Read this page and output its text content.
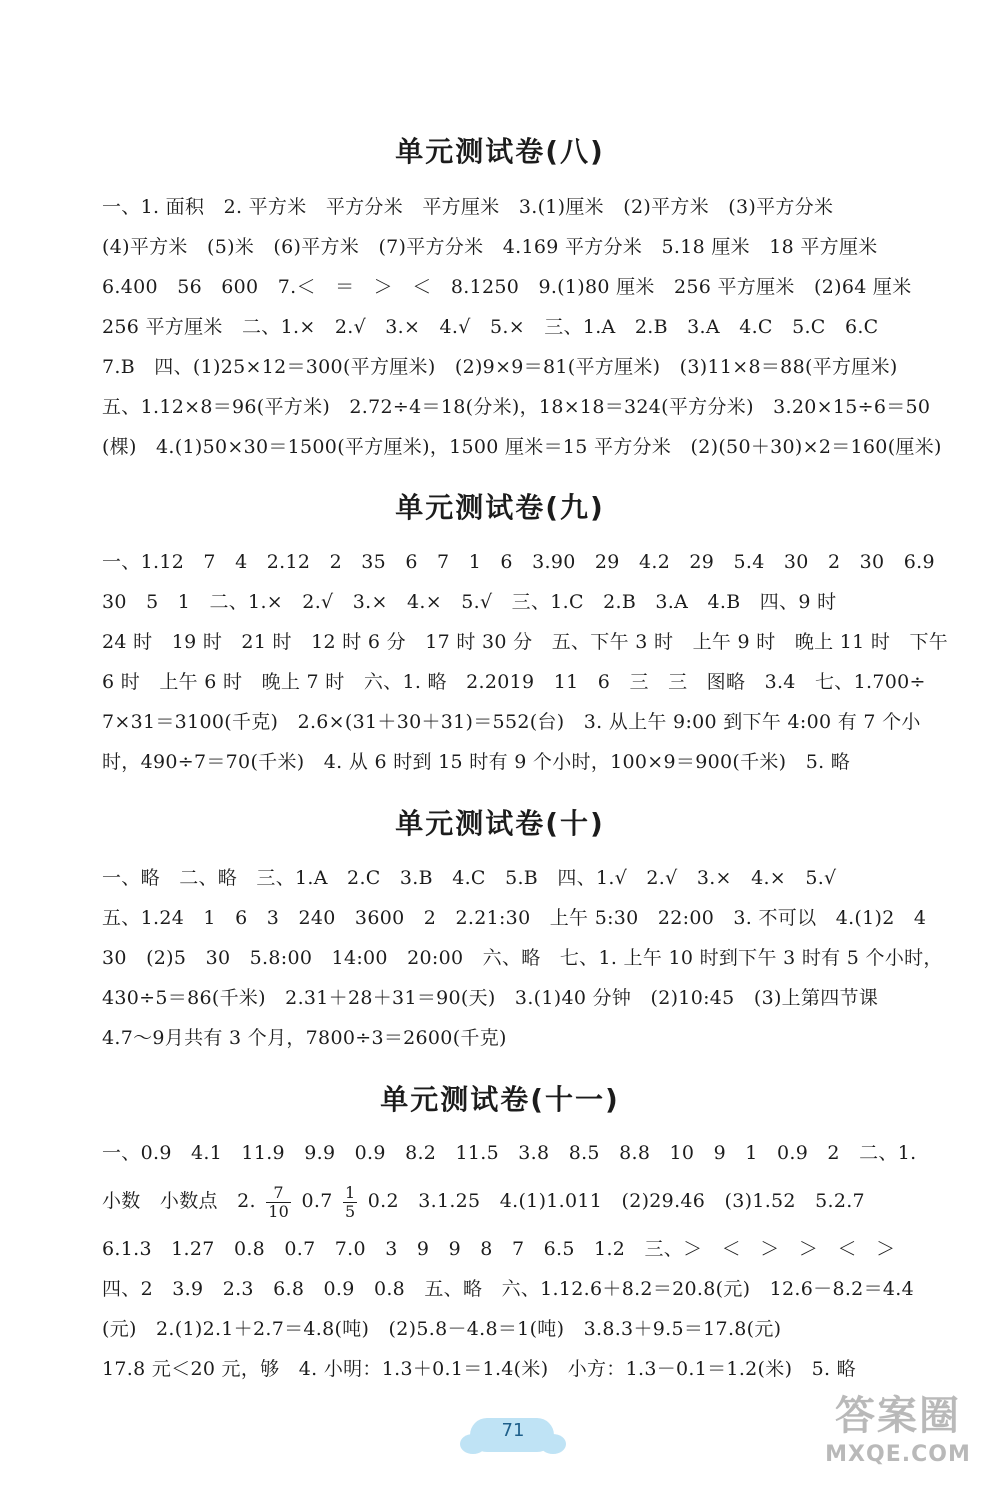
单元测试卷(八)
一、1. 面积　2. 平方米　平方分米　平方厘米　3.(1)厘米　(2)平方米　(3)平方分米
(4)平方米　(5)米　(6)平方米　(7)平方分米　4.169 平方分米　5.18 厘米　18 平方厘米
6.400　56　600　7.＜　＝　＞　＜　8.1250　9.(1)80 厘米　256 平方厘米　(2)64 厘米
256 平方厘米　二、1.×　2.√　3.×　4.√　5.×　三、1.A　2.B　3.A　4.C　5.C　6.C
7.B　四、(1)25×12＝300(平方厘米)　(2)9×9＝81(平方厘米)　(3)11×8＝88(平方厘米)
五、1.12×8＝96(平方米)　2.72÷4＝18(分米)，18×18＝324(平方分米)　3.20×15÷6＝50
(棵)　4.(1)50×30＝1500(平方厘米)，1500 厘米＝15 平方分米　(2)(50＋30)×2＝160(厘米)
单元测试卷(九)
一、1.12　7　4　2.12　2　35　6　7　1　6　3.90　29　4.2　29　5.4　30　2　30　6.9
30　5　1　二、1.×　2.√　3.×　4.×　5.√　三、1.C　2.B　3.A　4.B　四、9 时
24 时　19 时　21 时　12 时 6 分　17 时 30 分　五、下午 3 时　上午 9 时　晚上 11 时　下午
6 时　上午 6 时　晚上 7 时　六、1. 略　2.2019　11　6　三　三　图略　3.4　七、1.700÷
7×31＝3100(千克)　2.6×(31＋30＋31)＝552(台)　3. 从上午 9:00 到下午 4:00 有 7 个小
时，490÷7＝70(千米)　4. 从 6 时到 15 时有 9 个小时，100×9＝900(千米)　5. 略
单元测试卷(十)
一、略　二、略　三、1.A　2.C　3.B　4.C　5.B　四、1.√　2.√　3.×　4.×　5.√
五、1.24　1　6　3　240　3600　2　2.21:30　上午 5:30　22:00　3. 不可以　4.(1)2　4
30　(2)5　30　5.8:00　14:00　20:00　六、略　七、1. 上午 10 时到下午 3 时有 5 个小时，
430÷5＝86(千米)　2.31＋28＋31＝90(天)　3.(1)40 分钟　(2)10:45　(3)上第四节课
4.7～9月共有 3 个月，7800÷3＝2600(千克)
单元测试卷(十一)
一、0.9　4.1　11.9　9.9　0.9　8.2　11.5　3.8　8.5　8.8　10　9　1　0.9　2　二、1.
小数　小数点　2. $\frac{7}{10} 0.7 \frac{1}{5} 0.2$　3.1.25　4.(1)1.011　(2)29.46　(3)1.52　5.2.7
6.1.3　1.27　0.8　0.7　7.0　3　9　9　8　7　6.5　1.2　三、＞　＜　＞　＞　＜　＞
四、2　3.9　2.3　6.8　0.9　0.8　五、略　六、1.12.6＋8.2＝20.8(元)　12.6－8.2＝4.4
(元)　2.(1)2.1＋2.7＝4.8(吨)　(2)5.8－4.8＝1(吨)　3.8.3＋9.5＝17.8(元)
17.8 元＜20 元，够　4. 小明：1.3＋0.1＝1.4(米)　小方：1.3－0.1＝1.2(米)　5. 略
71	答案圈
MXQE.COM
